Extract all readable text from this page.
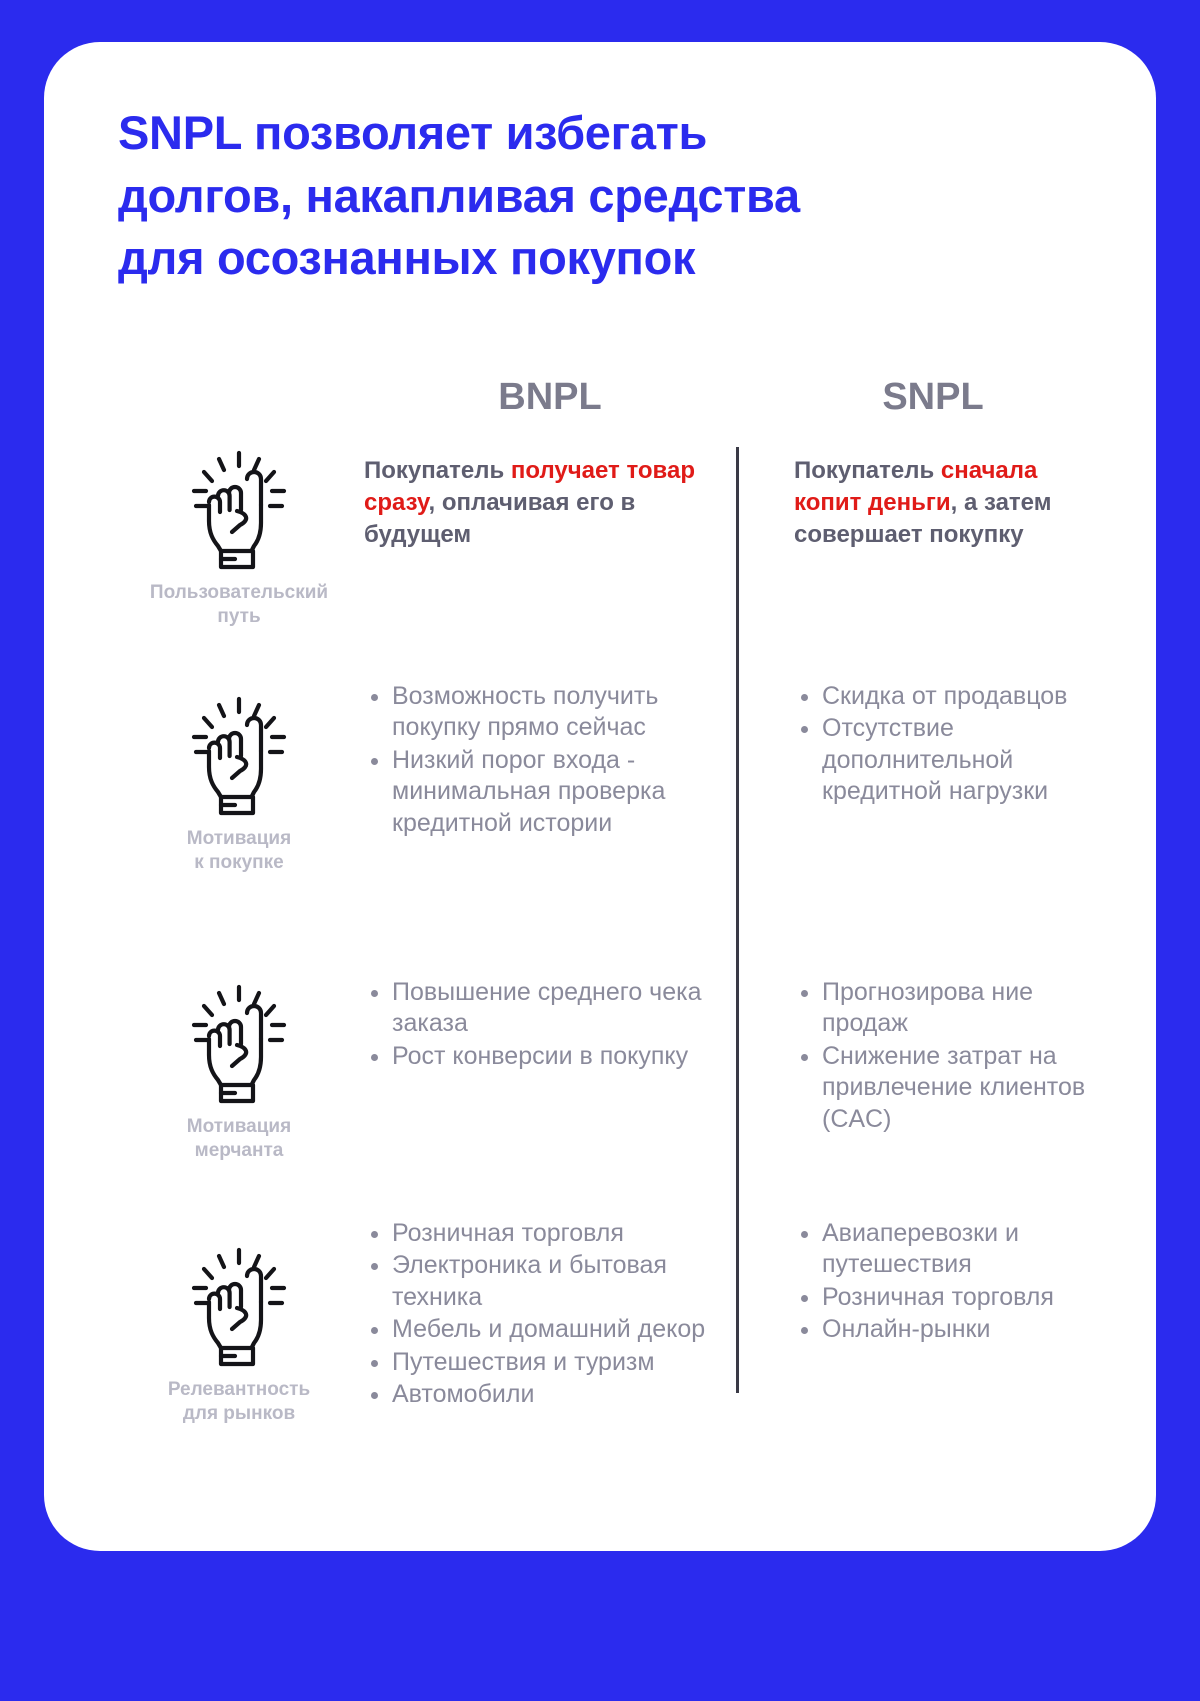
SNPL позволяет избегать
долгов, накапливая средства
для осознанных покупок
BNPL	SNPL
Пользовательский
путь

Покупатель получает товар сразу, оплачивая его в будущем

Покупатель сначала копит деньги, а затем совершает покупку

Мотивация
к покупке
Возможность получить покупку прямо сейчас
Низкий порог входа - минимальная проверка кредитной истории
Скидка от продавцов
Отсутствие дополнительной кредитной нагрузки
Мотивация
мерчанта
Повышение среднего чека заказа
Рост конверсии в покупку
Прогнозирова ние продаж
Снижение затрат на привлечение клиентов (CAC)
Релевантность
для рынков
Розничная торговля
Электроника и бытовая техника
Мебель и домашний декор
Путешествия и туризм
Автомобили
Авиаперевозки и путешествия
Розничная торговля
Онлайн-рынки
